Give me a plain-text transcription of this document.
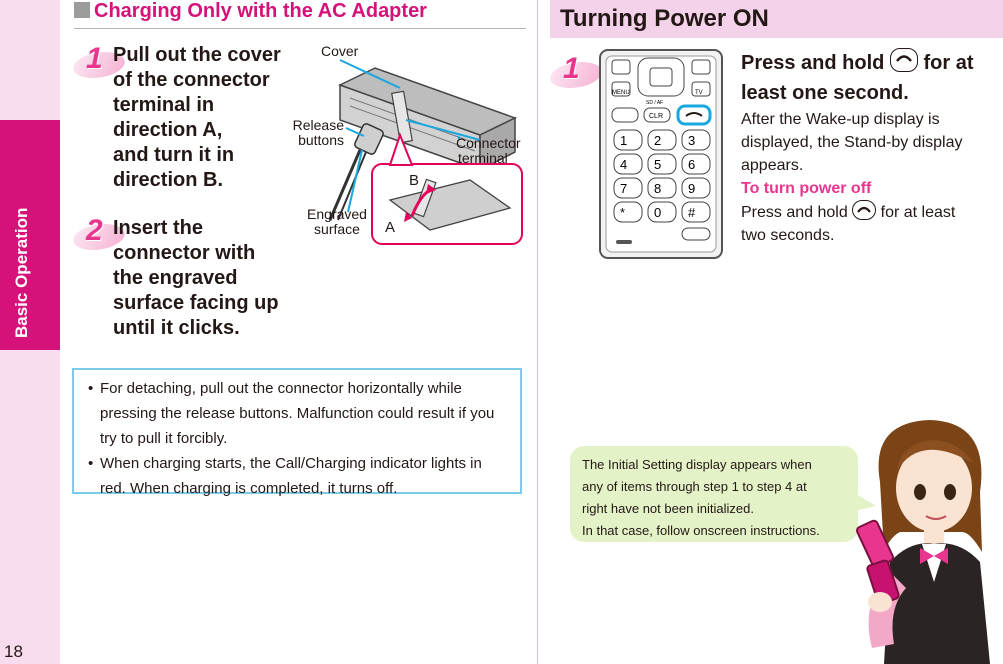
Basic Operation
18
Charging Only with the AC Adapter
1 Pull out the cover
of the connector
terminal in
direction A,
and turn it in
direction B.
2 Insert the
connector with
the engraved
surface facing up
until it clicks.
Cover
Release
buttons	Connector
terminal
Engraved
surface
B
A
• For detaching, pull out the connector horizontally while pressing the release buttons. Malfunction could result if you try to pull it forcibly.
• When charging starts, the Call/Charging indicator lights in red. When charging is completed, it turns off.
Turning Power ON
1
MENU
SD / AF
TV
CLR
1 2 3
4 5 6
7 8 9
* 0 #
Press and hold for at
least one second.
After the Wake-up display is
displayed, the Stand-by display
appears.
To turn power off
Press and hold for at least
two seconds.
The Initial Setting display appears when
any of items through step 1 to step 4 at
right have not been initialized.
In that case, follow onscreen instructions.
